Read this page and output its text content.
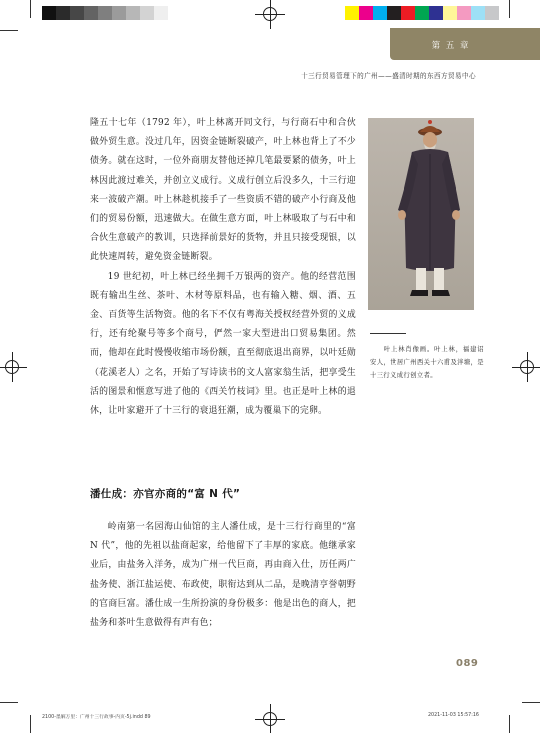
第 五 章
十三行贸易管理下的广州——盛清时期的东西方贸易中心

隆五十七年（1792 年），叶上林离开同文行，与行商石中和合伙做外贸生意。没过几年，因资金链断裂破产，叶上林也背上了不少债务。就在这时，一位外商朋友替他还掉几笔最要紧的债务，叶上林因此渡过难关，并创立义成行。义成行创立后没多久，十三行迎来一波破产潮。叶上林趁机接手了一些资质不错的破产小行商及他们的贸易份额，迅速做大。在做生意方面，叶上林吸取了与石中和合伙生意破产的教训，只选择前景好的货物，并且只接受现银，以此快速周转，避免资金链断裂。

19 世纪初，叶上林已经坐拥千万银两的资产。他的经营范围既有输出生丝、茶叶、木材等原料品，也有输入糖、烟、酒、五金、百货等生活物资。他的名下不仅有粤海关授权经营外贸的义成行，还有纶聚号等多个商号，俨然一家大型进出口贸易集团。然而，他却在此时慢慢收缩市场份额，直至彻底退出商界，以叶廷勋（花溪老人）之名，开始了写诗读书的文人富家翁生活，把享受生活的图景和惬意写进了他的《西关竹枝词》里。也正是叶上林的退休，让叶家避开了十三行的衰退狂潮，成为覆巢下的完卵。

潘仕成：亦官亦商的“富 N 代”

岭南第一名园海山仙馆的主人潘仕成，是十三行行商里的“富 N 代”，他的先祖以盐商起家，给他留下了丰厚的家底。他继承家业后，由盐务入洋务，成为广州一代巨商，再由商入仕，历任两广盐务使、浙江盐运使、布政使，职衔达到从二品，是晚清亨誉朝野的官商巨富。潘仕成一生所扮演的身份极多：他是出色的商人，把盐务和茶叶生意做得有声有色；

叶上林肖像画。叶上林，福建诏安人，世居广州西关十六甫及泮塘，是十三行义成行创立者。

089
2100-墨解万里：广州十三行故事-内页-5j.indd 89	2021-11-03 15:57:16
